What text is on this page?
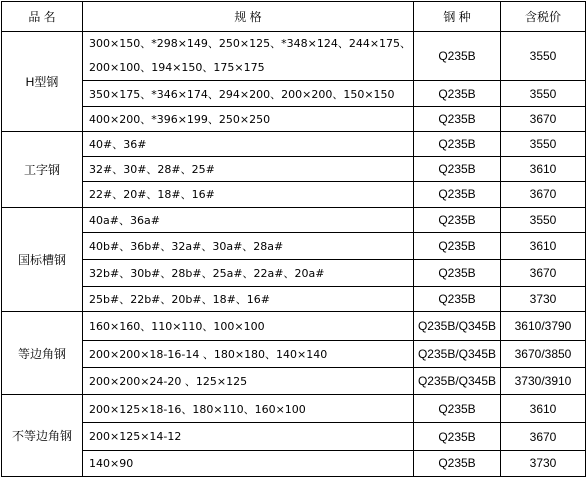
品 名	规 格	钢 种	含税价
H型钢	300×150、*298×149、250×125、*348×124、244×175、200×100、194×150、175×175	Q235B	3550
	350×175、*346×174、294×200、200×200、150×150	Q235B	3550
	400×200、*396×199、250×250	Q235B	3670
工字钢	40#、36#	Q235B	3550
	32#、30#、28#、25#	Q235B	3610
	22#、20#、18#、16#	Q235B	3670
国标槽钢	40a#、36a#	Q235B	3550
	40b#、36b#、32a#、30a#、28a#	Q235B	3610
	32b#、30b#、28b#、25a#、22a#、20a#	Q235B	3670
	25b#、22b#、20b#、18#、16#	Q235B	3730
等边角钢	160×160、110×110、100×100	Q235B/Q345B	3610/3790
	200×200×18-16-14 、180×180、140×140	Q235B/Q345B	3670/3850
	200×200×24-20 、125×125	Q235B/Q345B	3730/3910
不等边角钢	200×125×18-16、180×110、160×100	Q235B	3610
	200×125×14-12	Q235B	3670
	140×90	Q235B	3730
